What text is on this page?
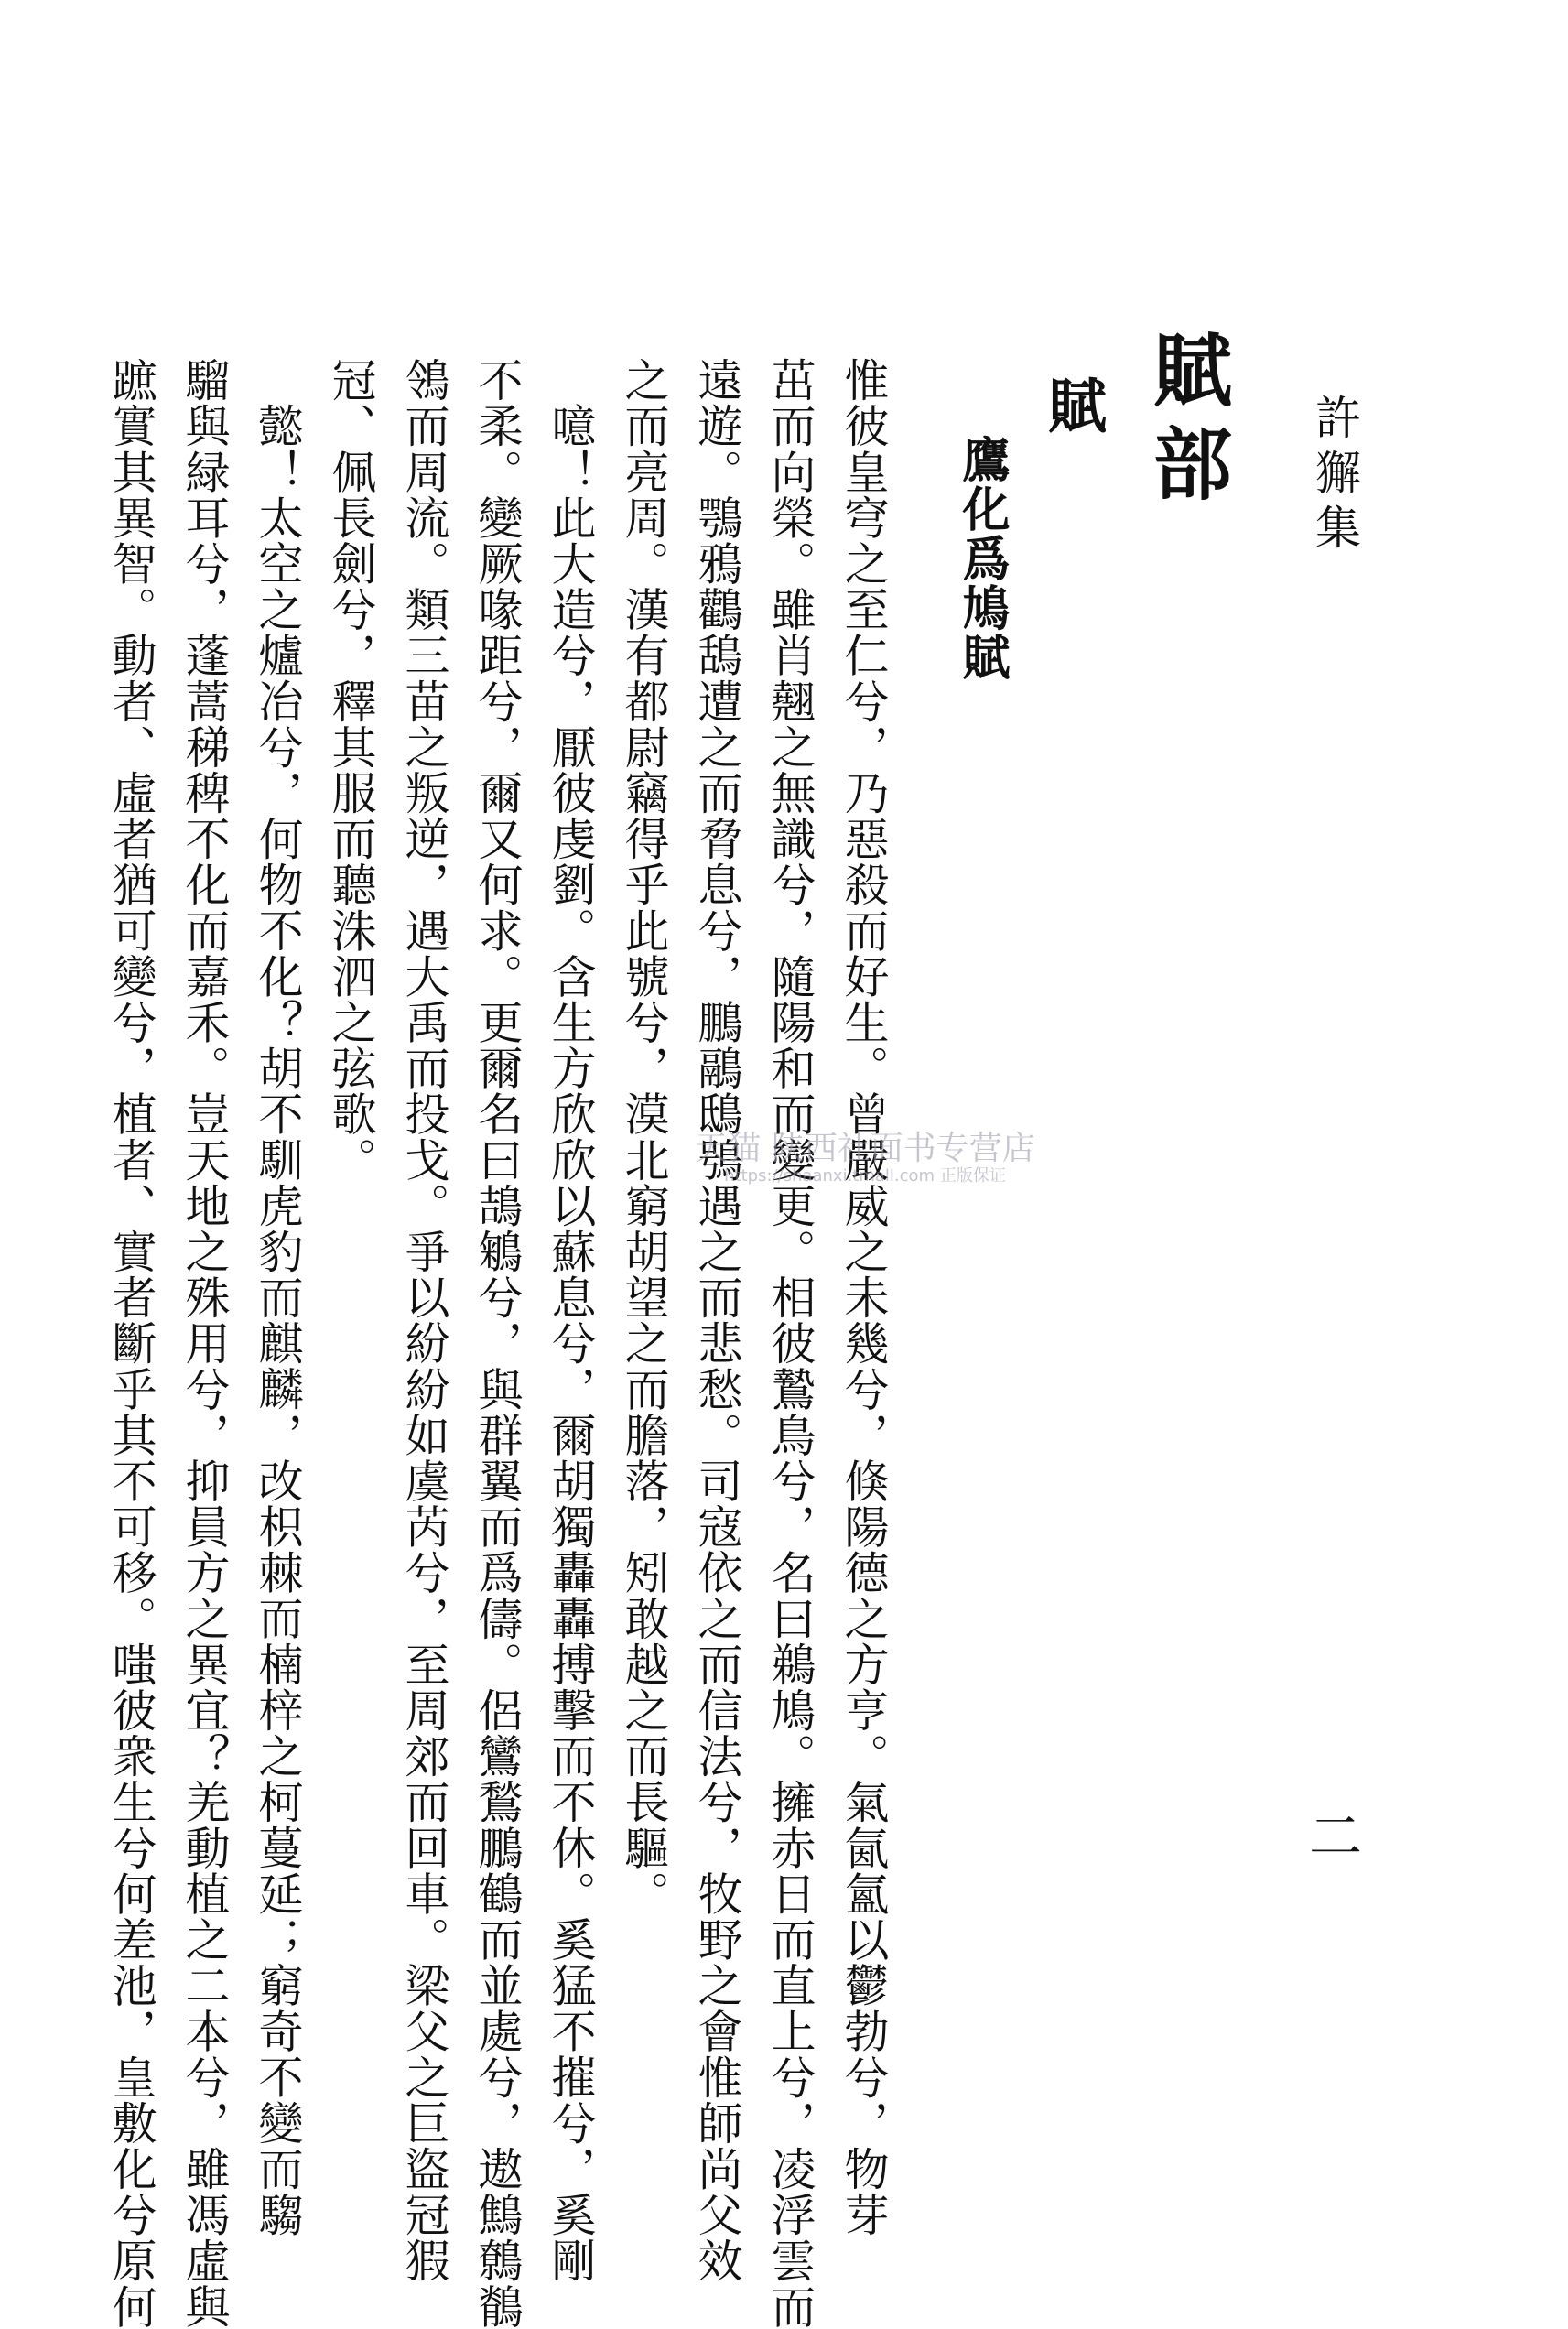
許獬集
二
賦部
賦
鷹化爲鳩賦
惟彼皇穹之至仁兮，乃惡殺而好生。曾嚴威之未幾兮，倏陽德之方亨。氣氤氳以鬱勃兮，物芽
茁而向榮。雖肖翹之無識兮，隨陽和而變更。相彼鷙鳥兮，名曰鵜鳩。擁赤日而直上兮，凌浮雲而
遠遊。鶚鴉鸛鴰遭之而脅息兮，鵬鷊鴟鴞遇之而悲愁。司寇依之而信法兮，牧野之會惟師尚父效
之而亮周。漢有都尉竊得乎此號兮，漠北窮胡望之而膽落，矧敢越之而長驅。
噫！此大造兮，厭彼虔劉。含生方欣欣以蘇息兮，爾胡獨轟轟搏擊而不休。奚猛不摧兮，奚剛
不柔。變厥喙距兮，爾又何求。更爾名曰鴶鵴兮，與群翼而爲儔。侶鸞鶖鵬鶴而並處兮，遨鷦鷯鶺
鴒而周流。類三苗之叛逆，遇大禹而投戈。爭以紛紛如虞芮兮，至周郊而回車。梁父之巨盜冠猳
冠、佩長劍兮，釋其服而聽洙泗之弦歌。
懿！太空之爐冶兮，何物不化？胡不馴虎豹而麒麟，改枳棘而楠梓之柯蔓延；窮奇不變而騶
騮與緑耳兮，蓬蒿稊稗不化而嘉禾。豈天地之殊用兮，抑員方之異宜？羌動植之二本兮，雖馮虛與
蹠實其異智。動者、虛者猶可變兮，植者、實者斷乎其不可移。嗤彼衆生兮何差池，皇敷化兮原何	天猫 陕西社面书专营店
https://shaanxi.tmall.com 正版保证
